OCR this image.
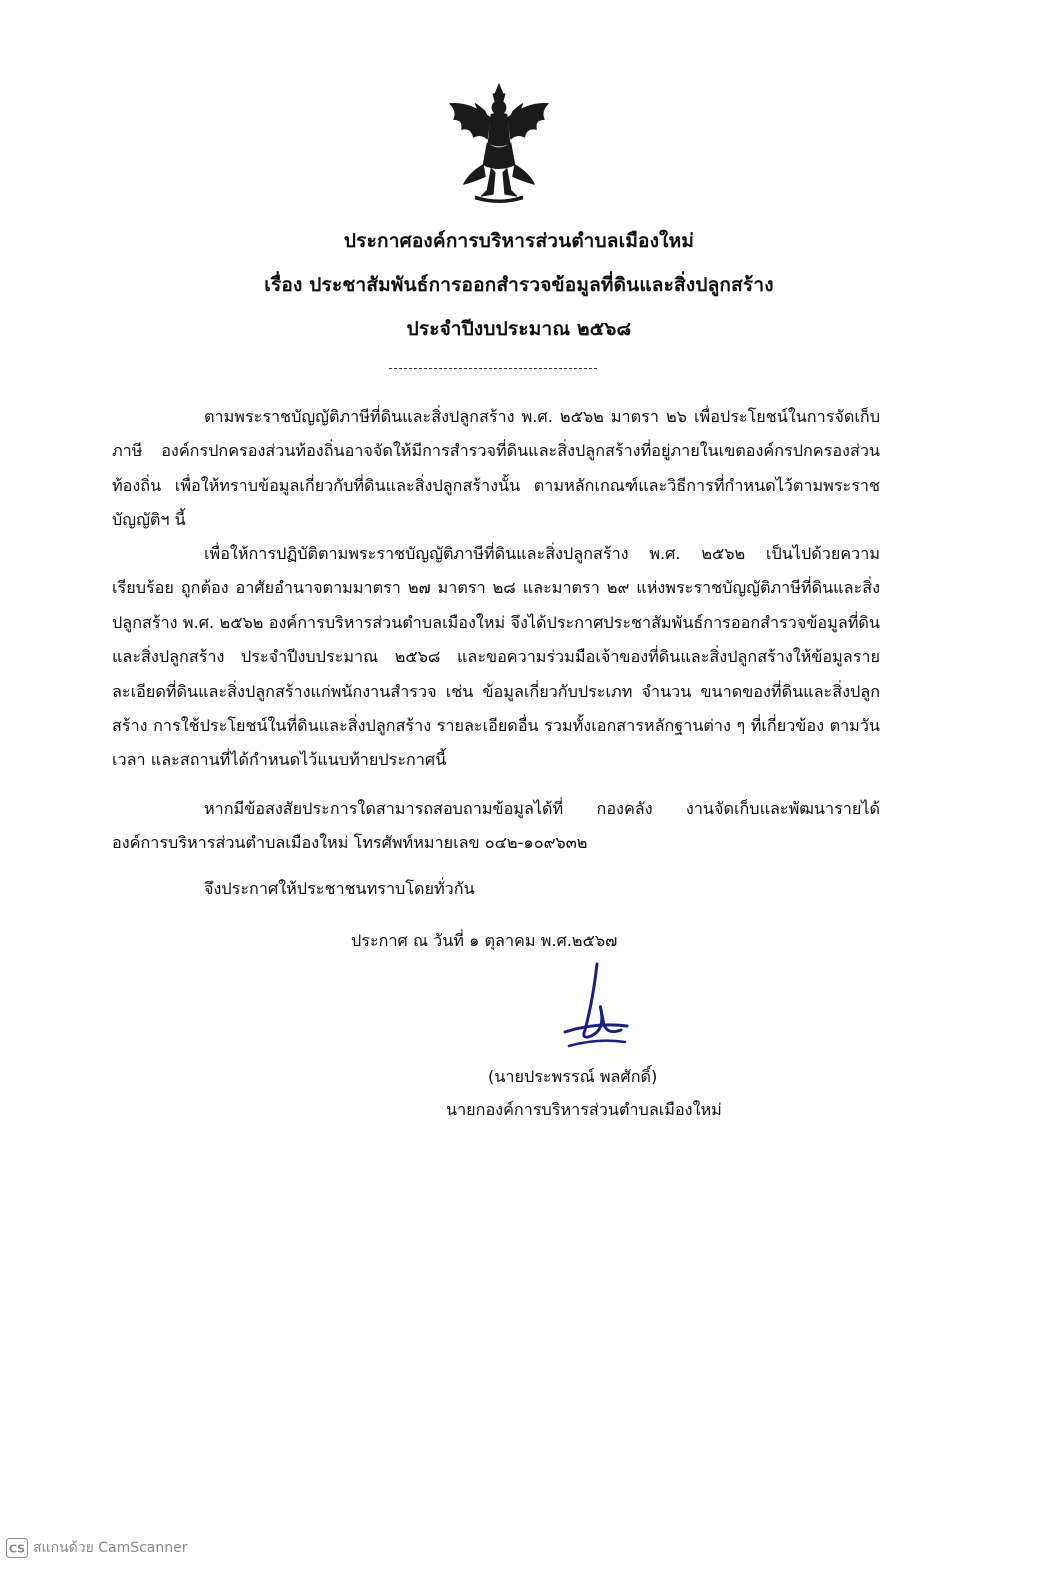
ประกาศองค์การบริหารส่วนตำบลเมืองใหม่
เรื่อง ประชาสัมพันธ์การออกสำรวจข้อมูลที่ดินและสิ่งปลูกสร้าง
ประจำปีงบประมาณ ๒๕๖๘
ตามพระราชบัญญัติภาษีที่ดินและสิ่งปลูกสร้าง พ.ศ. ๒๕๖๒ มาตรา ๒๖ เพื่อประโยชน์ในการจัดเก็บภาษี องค์กรปกครองส่วนท้องถิ่นอาจจัดให้มีการสำรวจที่ดินและสิ่งปลูกสร้างที่อยู่ภายในเขตองค์กรปกครองส่วนท้องถิ่น เพื่อให้ทราบข้อมูลเกี่ยวกับที่ดินและสิ่งปลูกสร้างนั้น ตามหลักเกณฑ์และวิธีการที่กำหนดไว้ตามพระราชบัญญัติฯ นี้
เพื่อให้การปฏิบัติตามพระราชบัญญัติภาษีที่ดินและสิ่งปลูกสร้าง พ.ศ. ๒๕๖๒ เป็นไปด้วยความเรียบร้อย ถูกต้อง อาศัยอำนาจตามมาตรา ๒๗ มาตรา ๒๘ และมาตรา ๒๙ แห่งพระราชบัญญัติภาษีที่ดินและสิ่งปลูกสร้าง พ.ศ. ๒๕๖๒ องค์การบริหารส่วนตำบลเมืองใหม่ จึงได้ประกาศประชาสัมพันธ์การออกสำรวจข้อมูลที่ดินและสิ่งปลูกสร้าง ประจำปีงบประมาณ ๒๕๖๘ และขอความร่วมมือเจ้าของที่ดินและสิ่งปลูกสร้างให้ข้อมูลรายละเอียดที่ดินและสิ่งปลูกสร้างแก่พนักงานสำรวจ เช่น ข้อมูลเกี่ยวกับประเภท จำนวน ขนาดของที่ดินและสิ่งปลูกสร้าง การใช้ประโยชน์ในที่ดินและสิ่งปลูกสร้าง รายละเอียดอื่น รวมทั้งเอกสารหลักฐานต่าง ๆ ที่เกี่ยวข้อง ตามวัน เวลา และสถานที่ได้กำหนดไว้แนบท้ายประกาศนี้
หากมีข้อสงสัยประการใดสามารถสอบถามข้อมูลได้ที่ กองคลัง งานจัดเก็บและพัฒนารายได้ องค์การบริหารส่วนตำบลเมืองใหม่ โทรศัพท์หมายเลข ๐๔๒-๑๐๙๖๓๒
จึงประกาศให้ประชาชนทราบโดยทั่วกัน
ประกาศ ณ วันที่ ๑ ตุลาคม พ.ศ.๒๕๖๗
(นายประพรรณ์ พลศักดิ์)
นายกองค์การบริหารส่วนตำบลเมืองใหม่
CS สแกนด้วย CamScanner
